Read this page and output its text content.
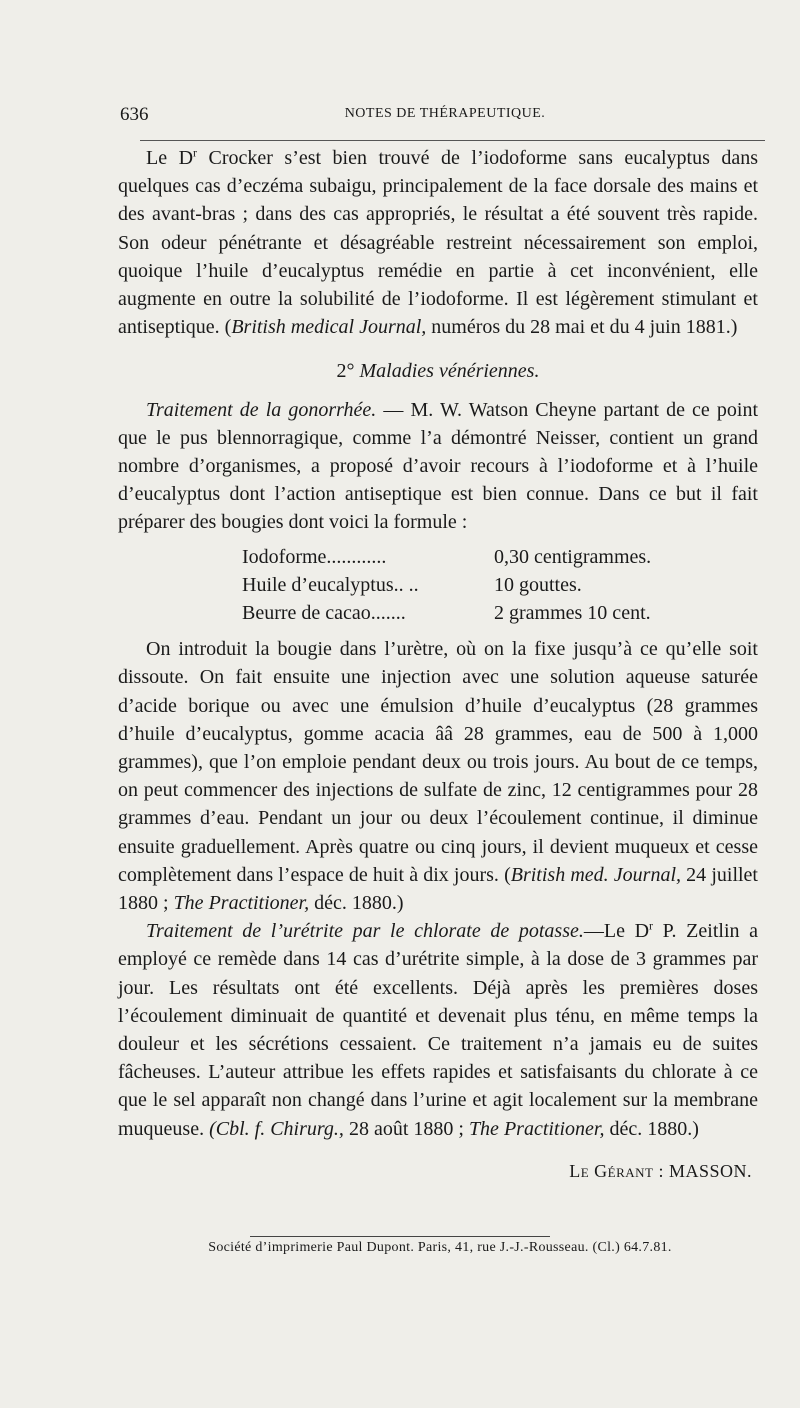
636	NOTES DE THÉRAPEUTIQUE.

Le $D^r$ Crocker s’est bien trouvé de l’iodoforme sans eucalyptus dans quelques cas d’eczéma subaigu, principalement de la face dorsale des mains et des avant-bras ; dans des cas appropriés, le résultat a été souvent très rapide. Son odeur pénétrante et désagréable restreint nécessairement son emploi, quoique l’huile d’eucalyptus remédie en partie à cet inconvénient, elle augmente en outre la solubilité de l’iodoforme. Il est légèrement stimulant et antiseptique. (British medical Journal, numéros du 28 mai et du 4 juin 1881.)

2° Maladies vénériennes.

Traitement de la gonorrhée. — M. W. Watson Cheyne partant de ce point que le pus blennorragique, comme l’a démontré Neisser, contient un grand nombre d’organismes, a proposé d’avoir recours à l’iodoforme et à l’huile d’eucalyptus dont l’action antiseptique est bien connue. Dans ce but il fait préparer des bougies dont voici la formule :

Iodoforme............	0,30 centigrammes.
Huile d’eucalyptus.. ..	10 gouttes.
Beurre de cacao.......	2 grammes 10 cent.

On introduit la bougie dans l’urètre, où on la fixe jusqu’à ce qu’elle soit dissoute. On fait ensuite une injection avec une solution aqueuse saturée d’acide borique ou avec une émulsion d’huile d’eucalyptus (28 grammes d’huile d’eucalyptus, gomme acacia ââ 28 grammes, eau de 500 à 1,000 grammes), que l’on emploie pendant deux ou trois jours. Au bout de ce temps, on peut commencer des injections de sulfate de zinc, 12 centigrammes pour 28 grammes d’eau. Pendant un jour ou deux l’écoulement continue, il diminue ensuite graduellement. Après quatre ou cinq jours, il devient muqueux et cesse complètement dans l’espace de huit à dix jours. (British med. Journal, 24 juillet 1880 ; The Practitioner, déc. 1880.)

Traitement de l’urétrite par le chlorate de potasse.—Le $D^r$ P. Zeitlin a employé ce remède dans 14 cas d’urétrite simple, à la dose de 3 grammes par jour. Les résultats ont été excellents. Déjà après les premières doses l’écoulement diminuait de quantité et devenait plus ténu, en même temps la douleur et les sécrétions cessaient. Ce traitement n’a jamais eu de suites fâcheuses. L’auteur attribue les effets rapides et satisfaisants du chlorate à ce que le sel apparaît non changé dans l’urine et agit localement sur la membrane muqueuse. (Cbl. f. Chirurg., 28 août 1880 ; The Practitioner, déc. 1880.)

Le Gérant : MASSON.
Société d’imprimerie Paul Dupont. Paris, 41, rue J.-J.-Rousseau. (Cl.) 64.7.81.
